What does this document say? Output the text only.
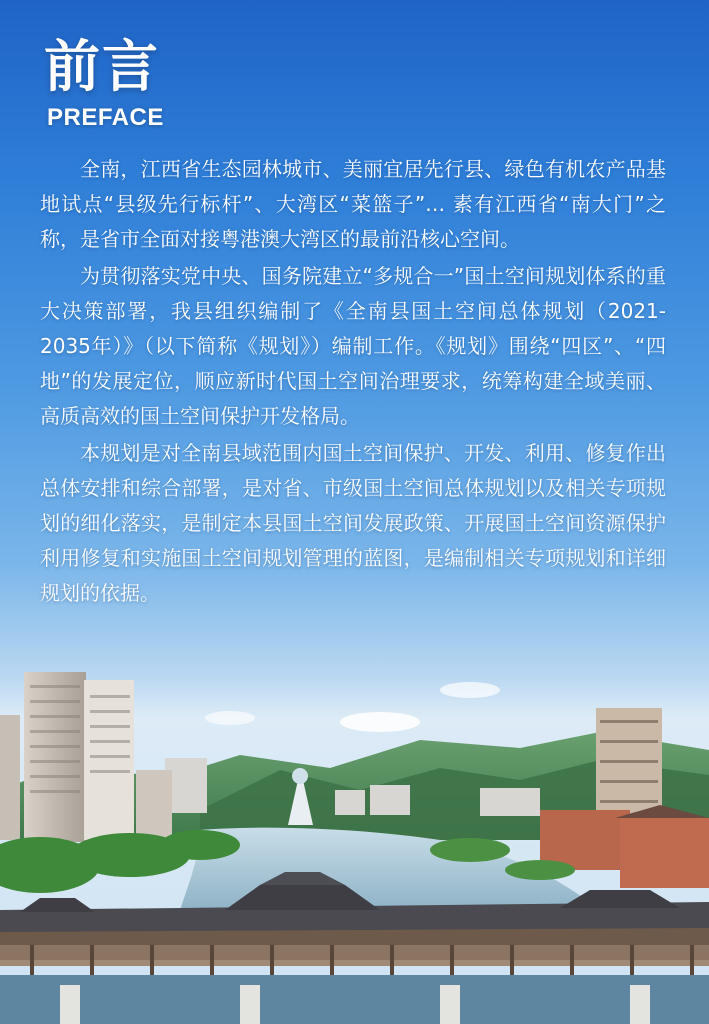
前言
PREFACE

全南，江西省生态园林城市、美丽宜居先行县、绿色有机农产品基地试点“县级先行标杆”、大湾区“菜篮子”… 素有江西省“南大门”之称，是省市全面对接粤港澳大湾区的最前沿核心空间。

为贯彻落实党中央、国务院建立“多规合一”国土空间规划体系的重大决策部署，我县组织编制了《全南县国土空间总体规划（2021-2035年）》（以下简称《规划》）编制工作。《规划》围绕“四区”、“四地”的发展定位，顺应新时代国土空间治理要求，统筹构建全域美丽、高质高效的国土空间保护开发格局。

本规划是对全南县域范围内国土空间保护、开发、利用、修复作出总体安排和综合部署，是对省、市级国土空间总体规划以及相关专项规划的细化落实，是制定本县国土空间发展政策、开展国土空间资源保护利用修复和实施国土空间规划管理的蓝图，是编制相关专项规划和详细规划的依据。
